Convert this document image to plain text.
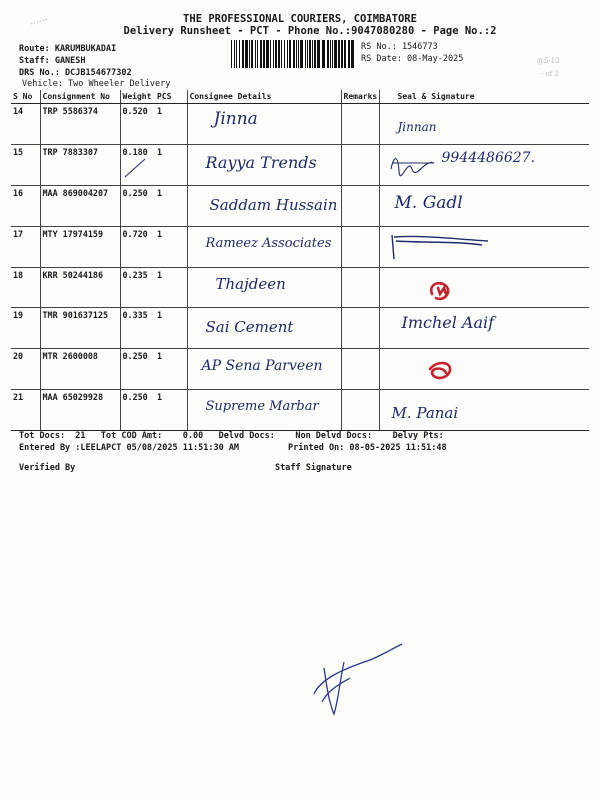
THE PROFESSIONAL COURIERS, COIMBATORE
Delivery Runsheet - PCT - Phone No.:9047080280 - Page No.:2
Route: KARUMBUKADAI
Staff: GANESH
DRS No.: DCJB154677302
Vehicle: Two Wheeler Delivery
RS No.: 1546773
RS Date: 08-May-2025	@5·12
· of 2
S No	Consignment No	Weight	PCS	Consignee Details	Remarks	Seal & Signature
14	TRP 5586374	0.520	1	Jinna		Jinnan

15	TRP 7883307	0.180	1	Rayya Trends		9944486627.

16	MAA 869004207	0.250	1	Saddam Hussain		M. Gadl

17	MTY 17974159	0.720	1	Rameez Associates

18	KRR 50244186	0.235	1	Thajdeen

19	TMR 901637125	0.335	1	Sai Cement		Imchel Aaif

20	MTR 2600008	0.250	1	AP Sena Parveen

21	MAA 65029928	0.250	1	Supreme Marbar		M. Panai
Tot Docs:  21   Tot COD Amt:    0.00   Delvd Docs:    Non Delvd Docs:    Delvy Pts:
Entered By :LEELAPCT 05/08/2025 11:51:30 AM	Printed On: 08-05-2025 11:51:48
Verified By	Staff Signature
